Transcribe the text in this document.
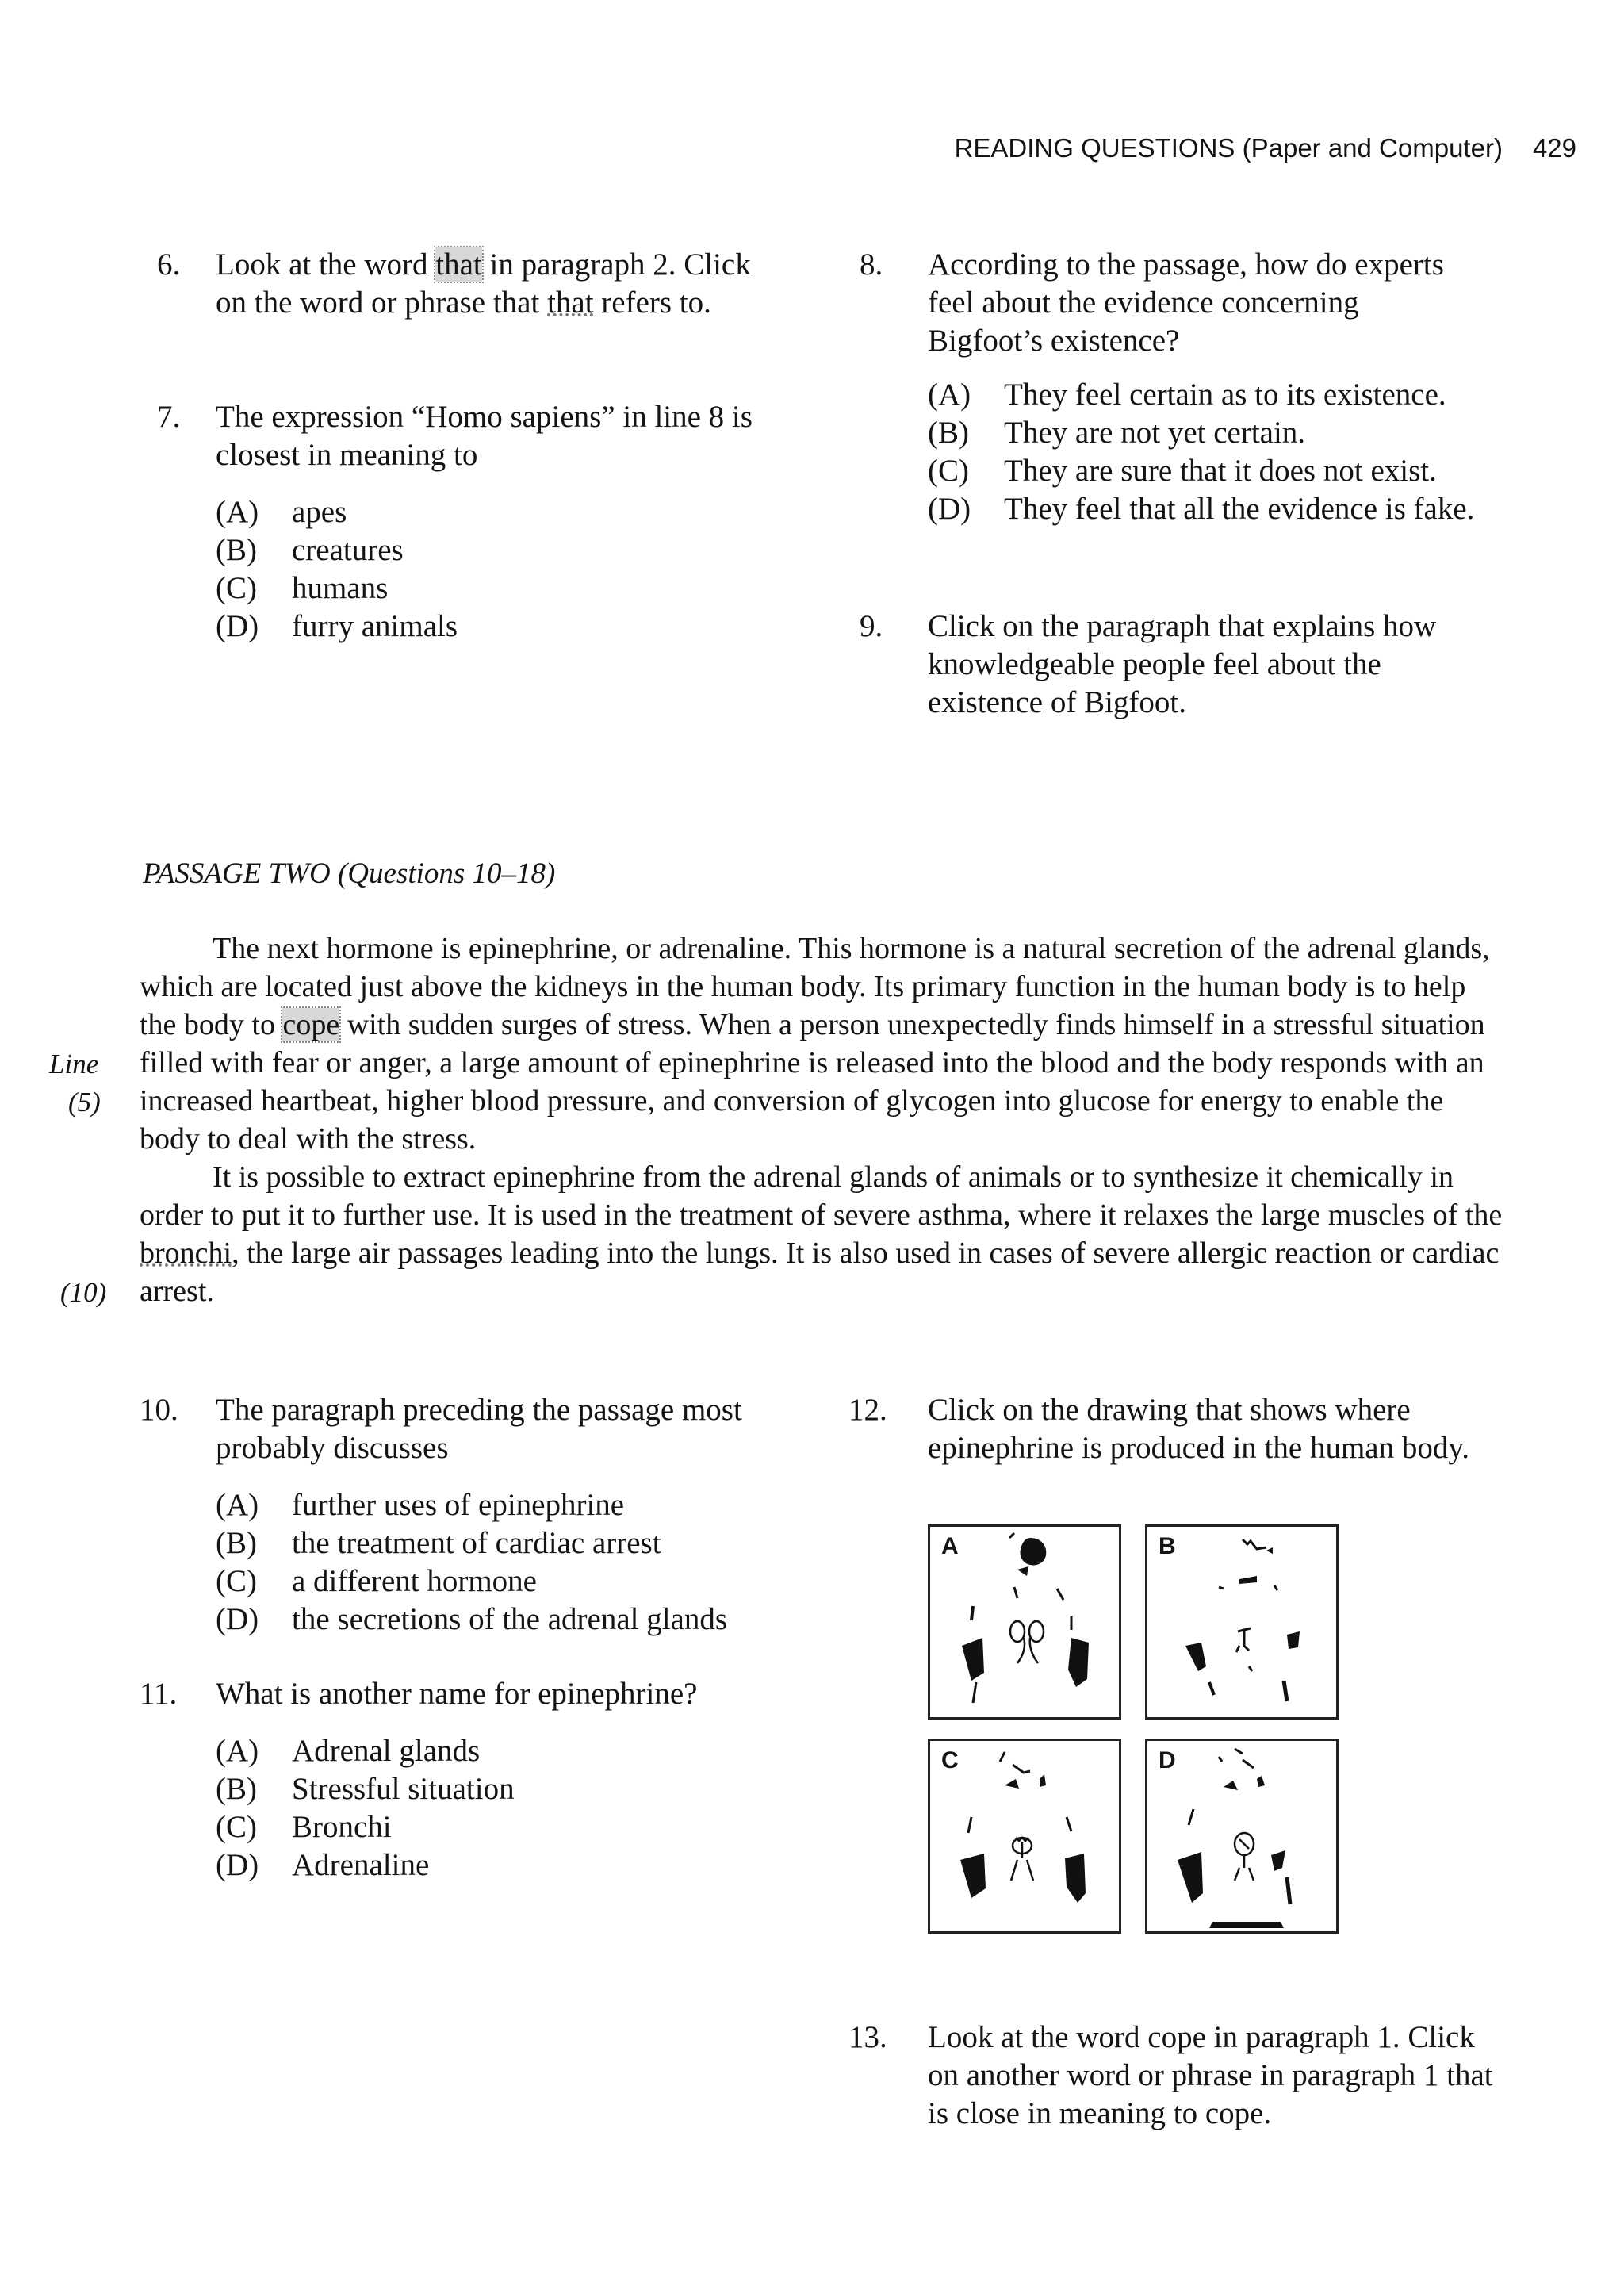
READING QUESTIONS (Paper and Computer) 429
6.	Look at the word that in paragraph 2. Click on the word or phrase that that refers to.
7.	The expression “Homo sapiens” in line 8 is closest in meaning to
(A)	apes
(B)	creatures
(C)	humans
(D)	furry animals
8.	According to the passage, how do experts feel about the evidence concerning Bigfoot’s existence?
(A)	They feel certain as to its existence.
(B)	They are not yet certain.
(C)	They are sure that it does not exist.
(D)	They feel that all the evidence is fake.
9.	Click on the paragraph that explains how knowledgeable people feel about the existence of Bigfoot.
PASSAGE TWO (Questions 10–18)

The next hormone is epinephrine, or adrenaline. This hormone is a natural secretion of the adrenal glands, which are located just above the kidneys in the human body. Its primary function in the human body is to help the body to cope with sudden surges of stress. When a person unexpectedly finds himself in a stressful situation filled with fear or anger, a large amount of epinephrine is released into the blood and the body responds with an increased heartbeat, higher blood pressure, and conversion of glycogen into glucose for energy to enable the body to deal with the stress.

It is possible to extract epinephrine from the adrenal glands of animals or to synthesize it chemically in order to put it to further use. It is used in the treatment of severe asthma, where it relaxes the large muscles of the bronchi, the large air passages leading into the lungs. It is also used in cases of severe allergic reaction or cardiac arrest.

Line
(5)
(10)
10.	The paragraph preceding the passage most probably discusses
(A)	further uses of epinephrine
(B)	the treatment of cardiac arrest
(C)	a different hormone
(D)	the secretions of the adrenal glands
11.	What is another name for epinephrine?
(A)	Adrenal glands
(B)	Stressful situation
(C)	Bronchi
(D)	Adrenaline
12.	Click on the drawing that shows where epinephrine is produced in the human body.
A	B
C	D
13.	Look at the word cope in paragraph 1. Click on another word or phrase in paragraph 1 that is close in meaning to cope.
